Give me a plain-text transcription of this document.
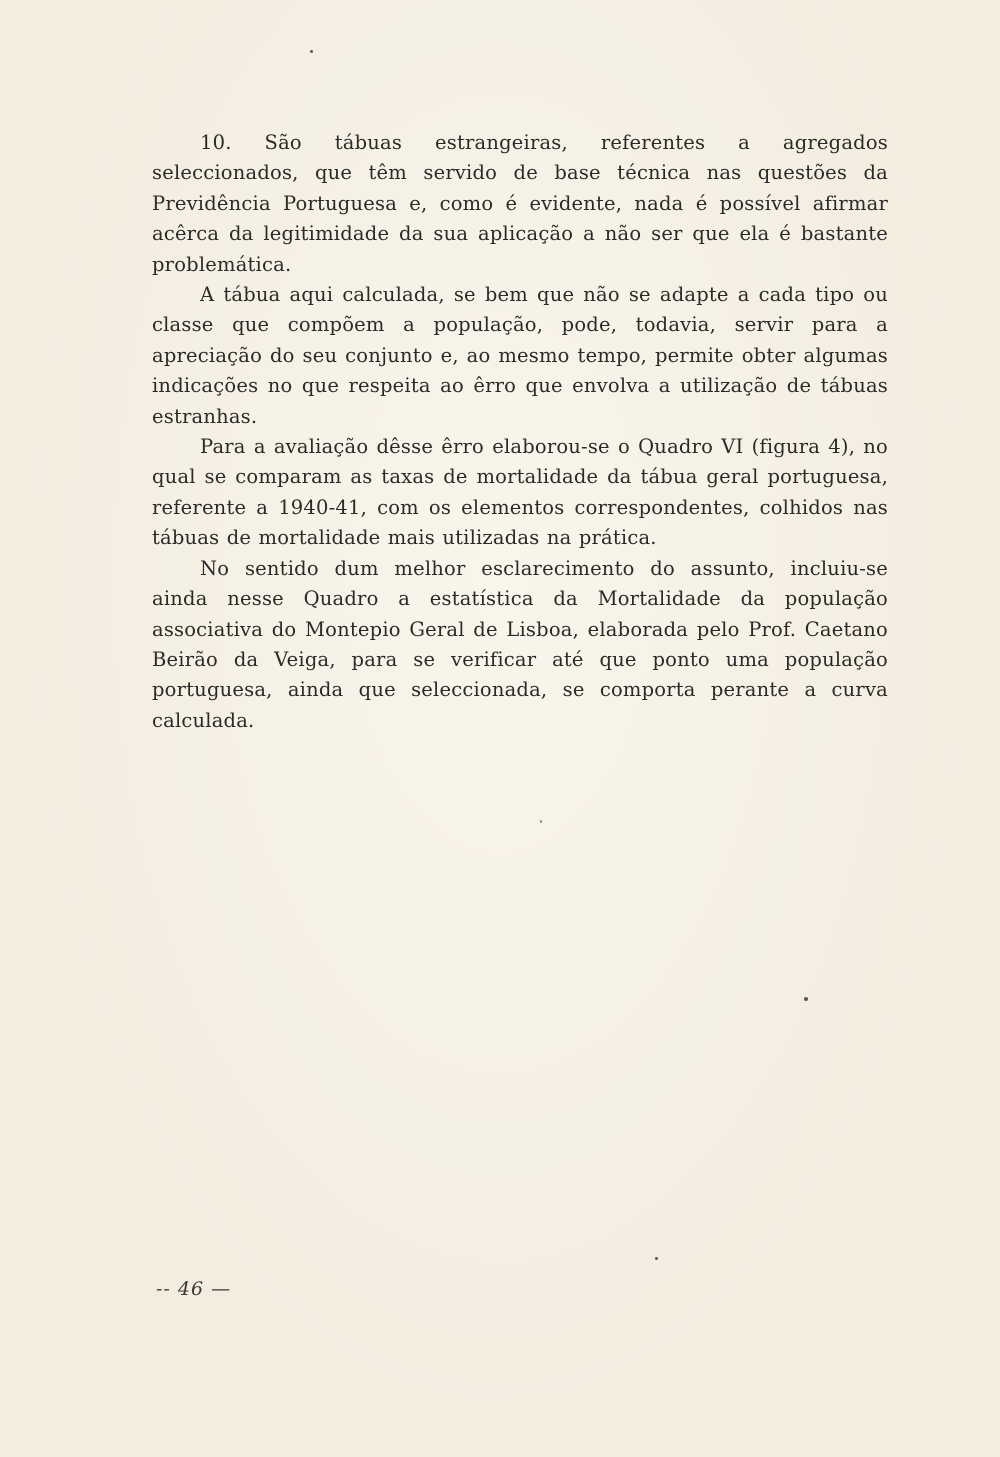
10. São tábuas estrangeiras, referentes a agregados seleccionados, que têm servido de base técnica nas questões da Previdência Portuguesa e, como é evidente, nada é possível afirmar acêrca da legitimidade da sua aplicação a não ser que ela é bastante problemática.

A tábua aqui calculada, se bem que não se adapte a cada tipo ou classe que compõem a população, pode, todavia, servir para a apreciação do seu conjunto e, ao mesmo tempo, permite obter algumas indicações no que respeita ao êrro que envolva a utilização de tábuas estranhas.

Para a avaliação dêsse êrro elaborou-se o Quadro VI (figura 4), no qual se comparam as taxas de mortalidade da tábua geral portuguesa, referente a 1940-41, com os elementos correspondentes, colhidos nas tábuas de mortalidade mais utilizadas na prática.

No sentido dum melhor esclarecimento do assunto, incluiu-se ainda nesse Quadro a estatística da Mortalidade da população associativa do Montepio Geral de Lisboa, elaborada pelo Prof. Caetano Beirão da Veiga, para se verificar até que ponto uma população portuguesa, ainda que seleccionada, se comporta perante a curva calculada.

-- 46 —
